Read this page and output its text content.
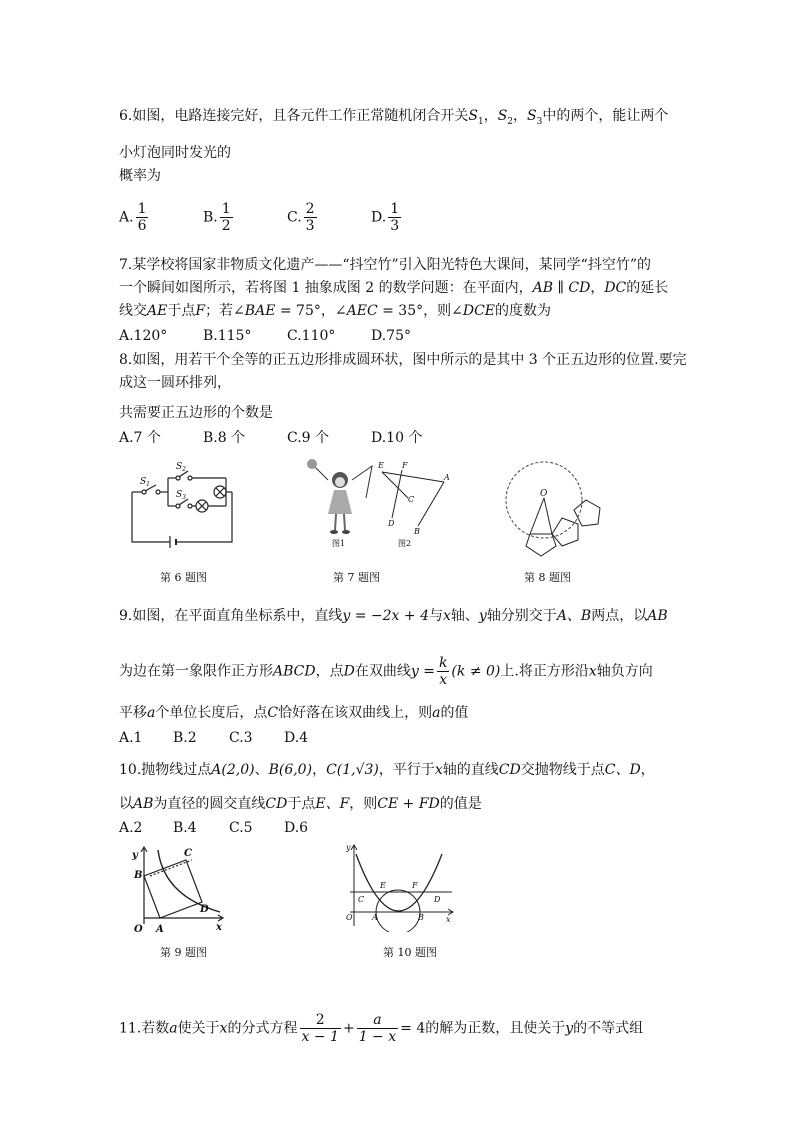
6.如图，电路连接完好，且各元件工作正常随机闭合开关$S_1$，$S_2$，$S_3$中的两个，能让两个
小灯泡同时发光的
概率为
A. $\frac{1}{6}$	B. $\frac{1}{2}$	C. $\frac{2}{3}$	D. $\frac{1}{3}$
7.某学校将国家非物质文化遗产——“抖空竹”引入阳光特色大课间，某同学“抖空竹”的
一个瞬间如图所示，若将图 1 抽象成图 2 的数学问题：在平面内，AB ∥ CD，DC的延长
线交AE于点F；若∠BAE = 75°，∠AEC = 35°，则∠DCE的度数为
A.120°	B.115°	C.110°	D.75°
8.如图，用若干个全等的正五边形排成圆环状，图中所示的是其中 3 个正五边形的位置.要完
成这一圆环排列，
共需要正五边形的个数是
A.7 个	B.8 个	C.9 个	D.10 个
$S_1$
$S_2$
$S_3$
第 6 题图
图1
E F
C
A
D
B
图2
第 7 题图
O
第 8 题图
9.如图，在平面直角坐标系中，直线y = −2x + 4与x轴、y轴分别交于A、B两点，以AB
为边在第一象限作正方形ABCD，点D在双曲线$y = \frac{k}{x} (k \ne 0)$上.将正方形沿x轴负方向
平移a个单位长度后，点C恰好落在该双曲线上，则a的值
A.1 B.2 C.3 D.4
10.抛物线过点A(2,0)、B(6,0)，C(1,√3)，平行于x轴的直线CD交抛物线于点C、D，
以AB为直径的圆交直线CD于点E、F，则CE + FD的值是
A.2 B.4 C.5 D.6
y
x
O A
B
C
D
第 9 题图
y
x
O A	B
C	D
E	F
第 10 题图
11.若数a使关于x的分式方程 $\frac{2}{x - 1} + \frac{a}{1 - x} = 4$的解为正数，且使关于y的不等式组
